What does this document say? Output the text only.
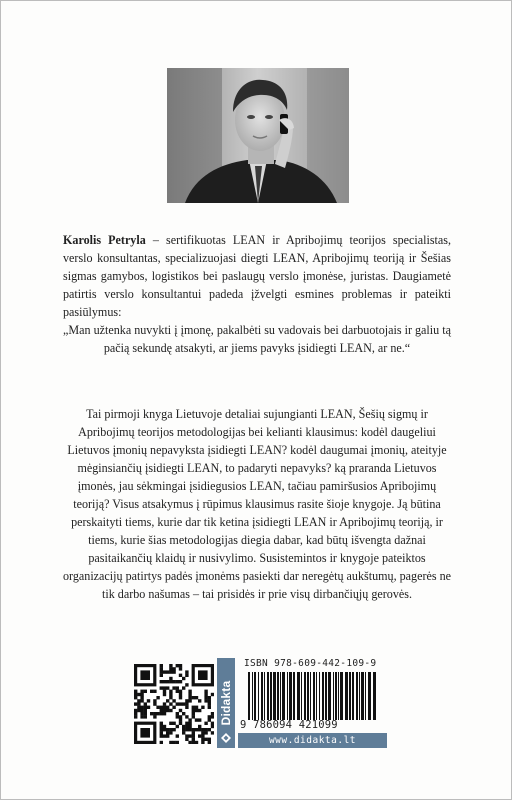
Karolis Petryla – sertifikuotas LEAN ir Apribojimų teorijos specialistas, verslo konsultantas, specializuojasi diegti LEAN, Apribojimų teoriją ir Šešias sigmas gamybos, logistikos bei paslaugų verslo įmonėse, juristas. Daugiametė patirtis verslo konsultantui padeda įžvelgti esmines problemas ir pateikti pasiūlymus:
„Man užtenka nuvykti į įmonę, pakalbėti su vadovais bei darbuotojais ir galiu tą pačią sekundę atsakyti, ar jiems pavyks įsidiegti LEAN, ar ne.“
Tai pirmoji knyga Lietuvoje detaliai sujungianti LEAN, Šešių sigmų ir Apribojimų teorijos metodologijas bei kelianti klausimus: kodėl daugeliui Lietuvos įmonių nepavyksta įsidiegti LEAN? kodėl daugumai įmonių, ateityje mėginsiančių įsidiegti LEAN, to padaryti nepavyks? ką praranda Lietuvos įmonės, jau sėkmingai įsidiegusios LEAN, tačiau pamiršusios Apribojimų teoriją? Visus atsakymus į rūpimus klausimus rasite šioje knygoje. Ją būtina perskaityti tiems, kurie dar tik ketina įsidiegti LEAN ir Apribojimų teoriją, ir tiems, kurie šias metodologijas diegia dabar, kad būtų išvengta dažnai pasitaikančių klaidų ir nusivylimo. Susistemintos ir knygoje pateiktos organizacijų patirtys padės įmonėms pasiekti dar neregėtų aukštumų, pagerės ne tik darbo našumas – tai prisidės ir prie visų dirbančiųjų gerovės.
Didakta
ISBN 978-609-442-109-9
9 786094 421099
www.didakta.lt
